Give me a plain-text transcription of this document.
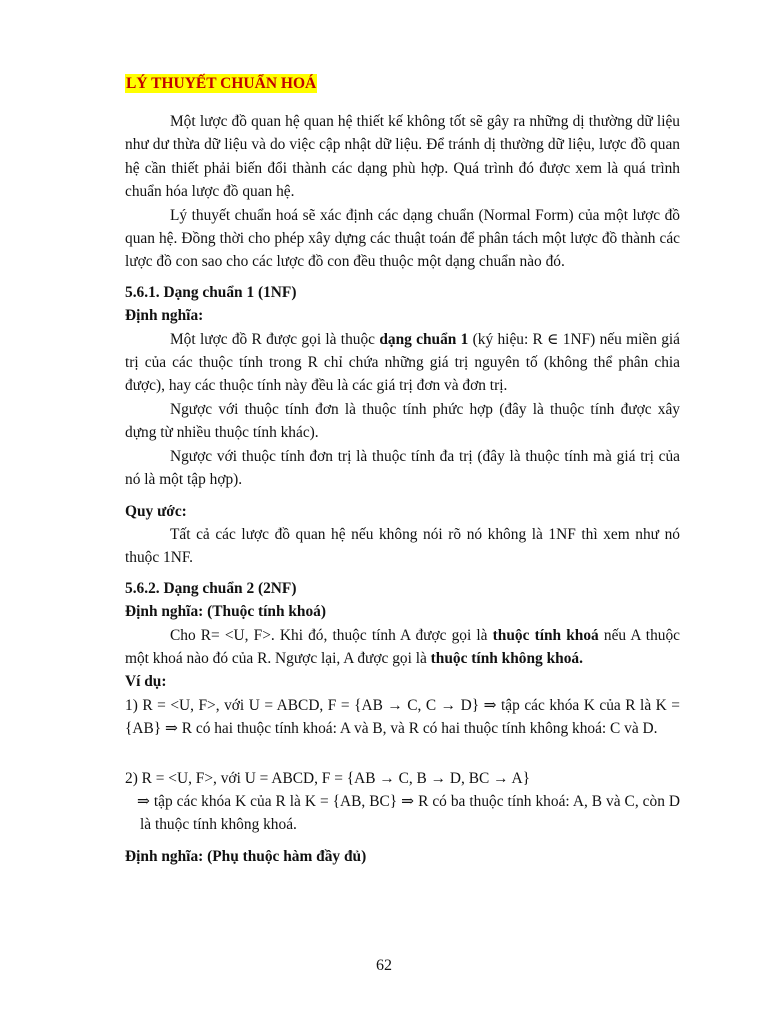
LÝ THUYẾT CHUẨN HOÁ

Một lược đồ quan hệ quan hệ thiết kế không tốt sẽ gây ra những dị thường dữ liệu như dư thừa dữ liệu và do việc cập nhật dữ liệu. Để tránh dị thường dữ liệu, lược đồ quan hệ cần thiết phải biến đổi thành các dạng phù hợp. Quá trình đó được xem là quá trình chuẩn hóa lược đồ quan hệ.

Lý thuyết chuẩn hoá sẽ xác định các dạng chuẩn (Normal Form) của một lược đồ quan hệ. Đồng thời cho phép xây dựng các thuật toán để phân tách một lược đồ thành các lược đồ con sao cho các lược đồ con đều thuộc một dạng chuẩn nào đó.

5.6.1. Dạng chuẩn 1 (1NF)

Định nghĩa:

Một lược đồ R được gọi là thuộc dạng chuẩn 1 (ký hiệu: R ∈ 1NF) nếu miền giá trị của các thuộc tính trong R chỉ chứa những giá trị nguyên tố (không thể phân chia được), hay các thuộc tính này đều là các giá trị đơn và đơn trị.

Ngược với thuộc tính đơn là thuộc tính phức hợp (đây là thuộc tính được xây dựng từ nhiều thuộc tính khác).

Ngược với thuộc tính đơn trị là thuộc tính đa trị (đây là thuộc tính mà giá trị của nó là một tập hợp).

Quy ước:

Tất cả các lược đồ quan hệ nếu không nói rõ nó không là 1NF thì xem như nó thuộc 1NF.

5.6.2. Dạng chuẩn 2 (2NF)

Định nghĩa: (Thuộc tính khoá)

Cho R= <U, F>. Khi đó, thuộc tính A được gọi là thuộc tính khoá nếu A thuộc một khoá nào đó của R. Ngược lại, A được gọi là thuộc tính không khoá.

Ví dụ:

1) R = <U, F>, với U = ABCD, F = {AB → C, C → D} ⇒ tập các khóa K của R là K = {AB} ⇒ R có hai thuộc tính khoá: A và B, và R có hai thuộc tính không khoá: C và D.

2) R = <U, F>, với U = ABCD, F = {AB → C, B → D, BC → A}

⇒ tập các khóa K của R là K = {AB, BC} ⇒ R có ba thuộc tính khoá: A, B và C, còn D là thuộc tính không khoá.

Định nghĩa: (Phụ thuộc hàm đầy đủ)

62
